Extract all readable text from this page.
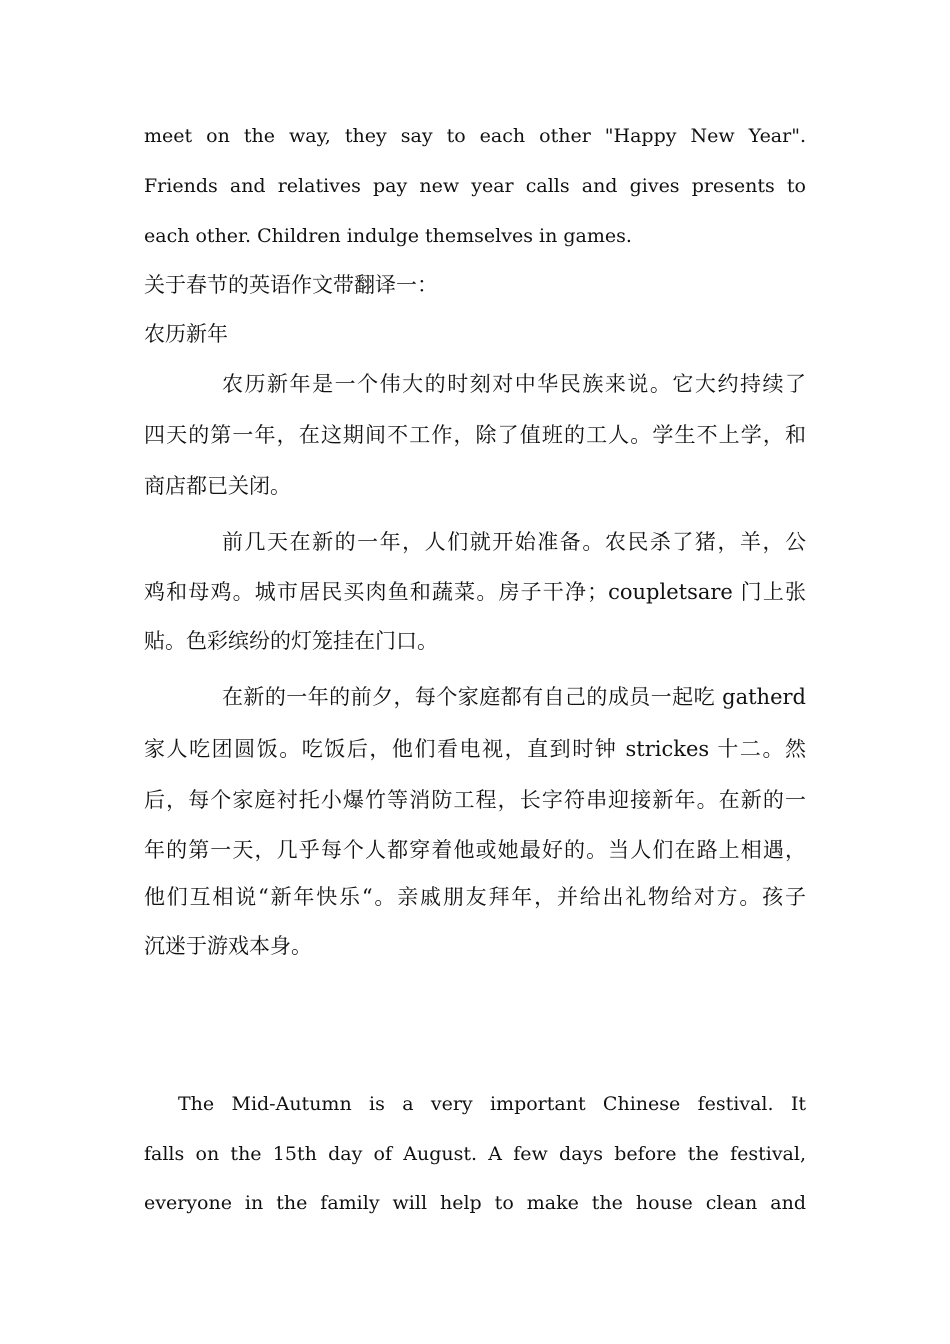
meet on the way, they say to each other "Happy New Year".
Friends and relatives pay new year calls and gives presents to
each other. Children indulge themselves in games.
关于春节的英语作文带翻译一：
农历新年
农历新年是一个伟大的时刻对中华民族来说。它大约持续了
四天的第一年，在这期间不工作，除了值班的工人。学生不上学，和
商店都已关闭。
前几天在新的一年，人们就开始准备。农民杀了猪，羊，公
鸡和母鸡。城市居民买肉鱼和蔬菜。房子干净；coupletsare 门上张
贴。色彩缤纷的灯笼挂在门口。
在新的一年的前夕，每个家庭都有自己的成员一起吃 gatherd
家人吃团圆饭。吃饭后，他们看电视，直到时钟 strickes 十二。然
后，每个家庭衬托小爆竹等消防工程，长字符串迎接新年。在新的一
年的第一天，几乎每个人都穿着他或她最好的。当人们在路上相遇，
他们互相说“新年快乐“。亲戚朋友拜年，并给出礼物给对方。孩子
沉迷于游戏本身。
The Mid-Autumn is a very important Chinese festival. It
falls on the 15th day of August. A few days before the festival,
everyone in the family will help to make the house clean and
